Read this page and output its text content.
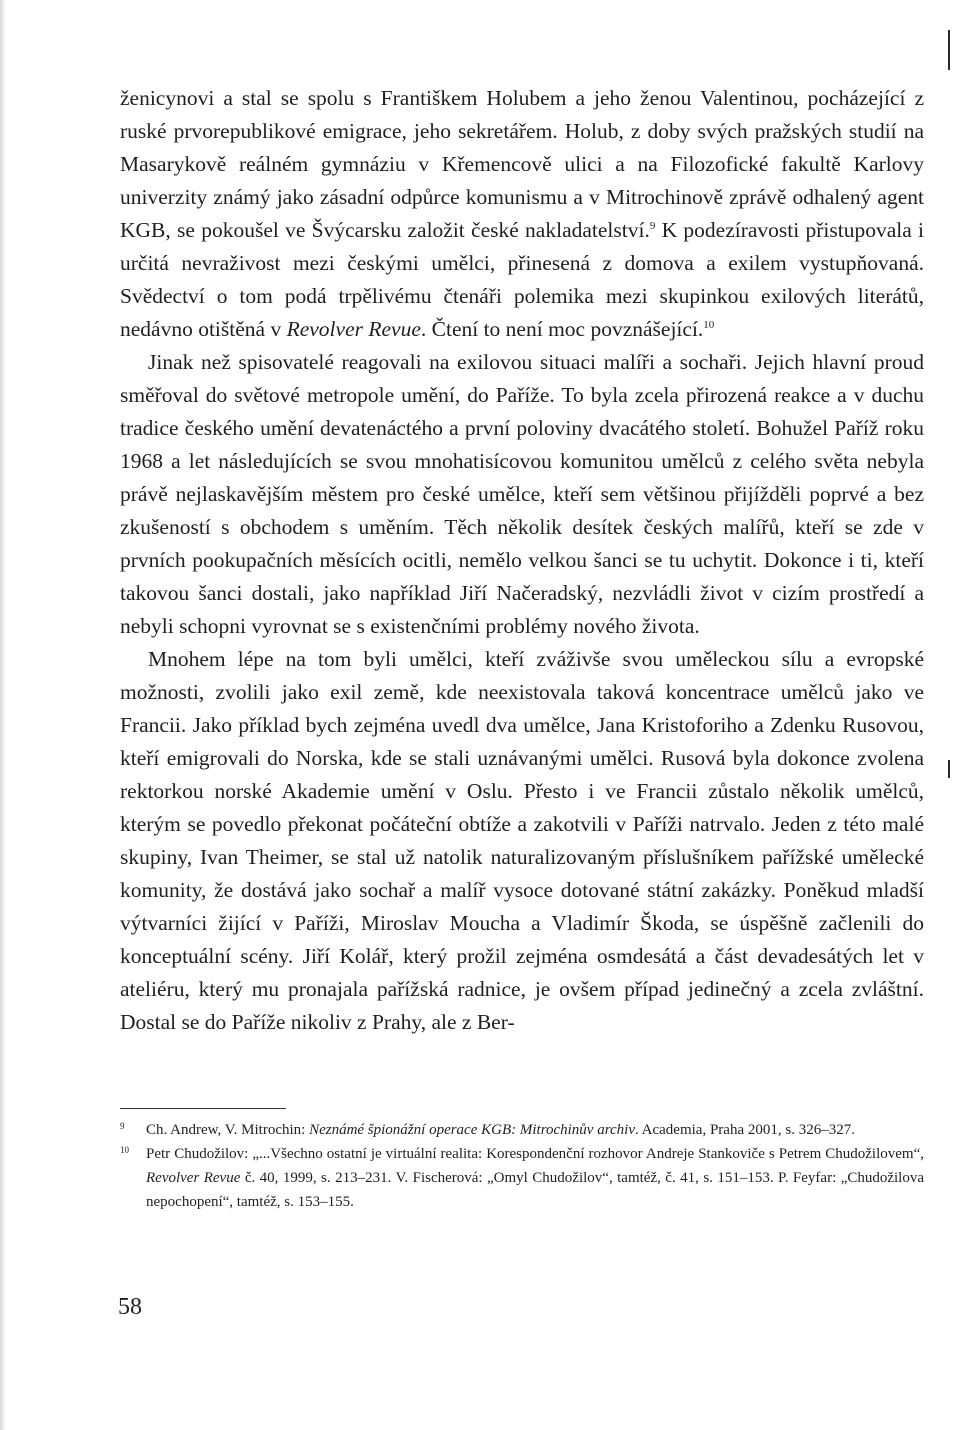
ženicynovi a stal se spolu s Františkem Holubem a jeho ženou Valentinou, pocházející z ruské prvorepublikové emigrace, jeho sekretářem. Holub, z doby svých pražských studií na Masarykově reálném gymnáziu v Křemencově ulici a na Filozofické fakultě Karlovy univerzity známý jako zásadní odpůrce komunismu a v Mitrochinově zprávě odhalený agent KGB, se pokoušel ve Švýcarsku založit české nakladatelství.$^9$ K podezíravosti přistupovala i určitá nevraživost mezi českými umělci, přinesená z domova a exilem vystupňovaná. Svědectví o tom podá trpělivému čtenáři polemika mezi skupinkou exilových literátů, nedávno otištěná v Revolver Revue. Čtení to není moc povznášející.$^{10}$

Jinak než spisovatelé reagovali na exilovou situaci malíři a sochaři. Jejich hlavní proud směřoval do světové metropole umění, do Paříže. To byla zcela přirozená reakce a v duchu tradice českého umění devatenáctého a první poloviny dvacátého století. Bohužel Paříž roku 1968 a let následujících se svou mnohatisícovou komunitou umělců z celého světa nebyla právě nejlaskavějším městem pro české umělce, kteří sem většinou přijížděli poprvé a bez zkušeností s obchodem s uměním. Těch několik desítek českých malířů, kteří se zde v prvních pookupačních měsících ocitli, nemělo velkou šanci se tu uchytit. Dokonce i ti, kteří takovou šanci dostali, jako například Jiří Načeradský, nezvládli život v cizím prostředí a nebyli schopni vyrovnat se s existenčními problémy nového života.

Mnohem lépe na tom byli umělci, kteří zváživše svou uměleckou sílu a evropské možnosti, zvolili jako exil země, kde neexistovala taková koncentrace umělců jako ve Francii. Jako příklad bych zejména uvedl dva umělce, Jana Kristoforiho a Zdenku Rusovou, kteří emigrovali do Norska, kde se stali uznávanými umělci. Rusová byla dokonce zvolena rektorkou norské Akademie umění v Oslu. Přesto i ve Francii zůstalo několik umělců, kterým se povedlo překonat počáteční obtíže a zakotvili v Paříži natrvalo. Jeden z této malé skupiny, Ivan Theimer, se stal už natolik naturalizovaným příslušníkem pařížské umělecké komunity, že dostává jako sochař a malíř vysoce dotované státní zakázky. Poněkud mladší výtvarníci žijící v Paříži, Miroslav Moucha a Vladimír Škoda, se úspěšně začlenili do konceptuální scény. Jiří Kolář, který prožil zejména osmdesátá a část devadesátých let v ateliéru, který mu pronajala pařížská radnice, je ovšem případ jedinečný a zcela zvláštní. Dostal se do Paříže nikoliv z Prahy, ale z Ber-

9 Ch. Andrew, V. Mitrochin: Neznámé špionážní operace KGB: Mitrochinův archiv. Academia, Praha 2001, s. 326–327.

10 Petr Chudožilov: „...Všechno ostatní je virtuální realita: Korespondenční rozhovor Andreje Stankoviče s Petrem Chudožilovem“, Revolver Revue č. 40, 1999, s. 213–231. V. Fischerová: „Omyl Chudožilov“, tamtéž, č. 41, s. 151–153. P. Feyfar: „Chudožilova nepochopení“, tamtéž, s. 153–155.

58
